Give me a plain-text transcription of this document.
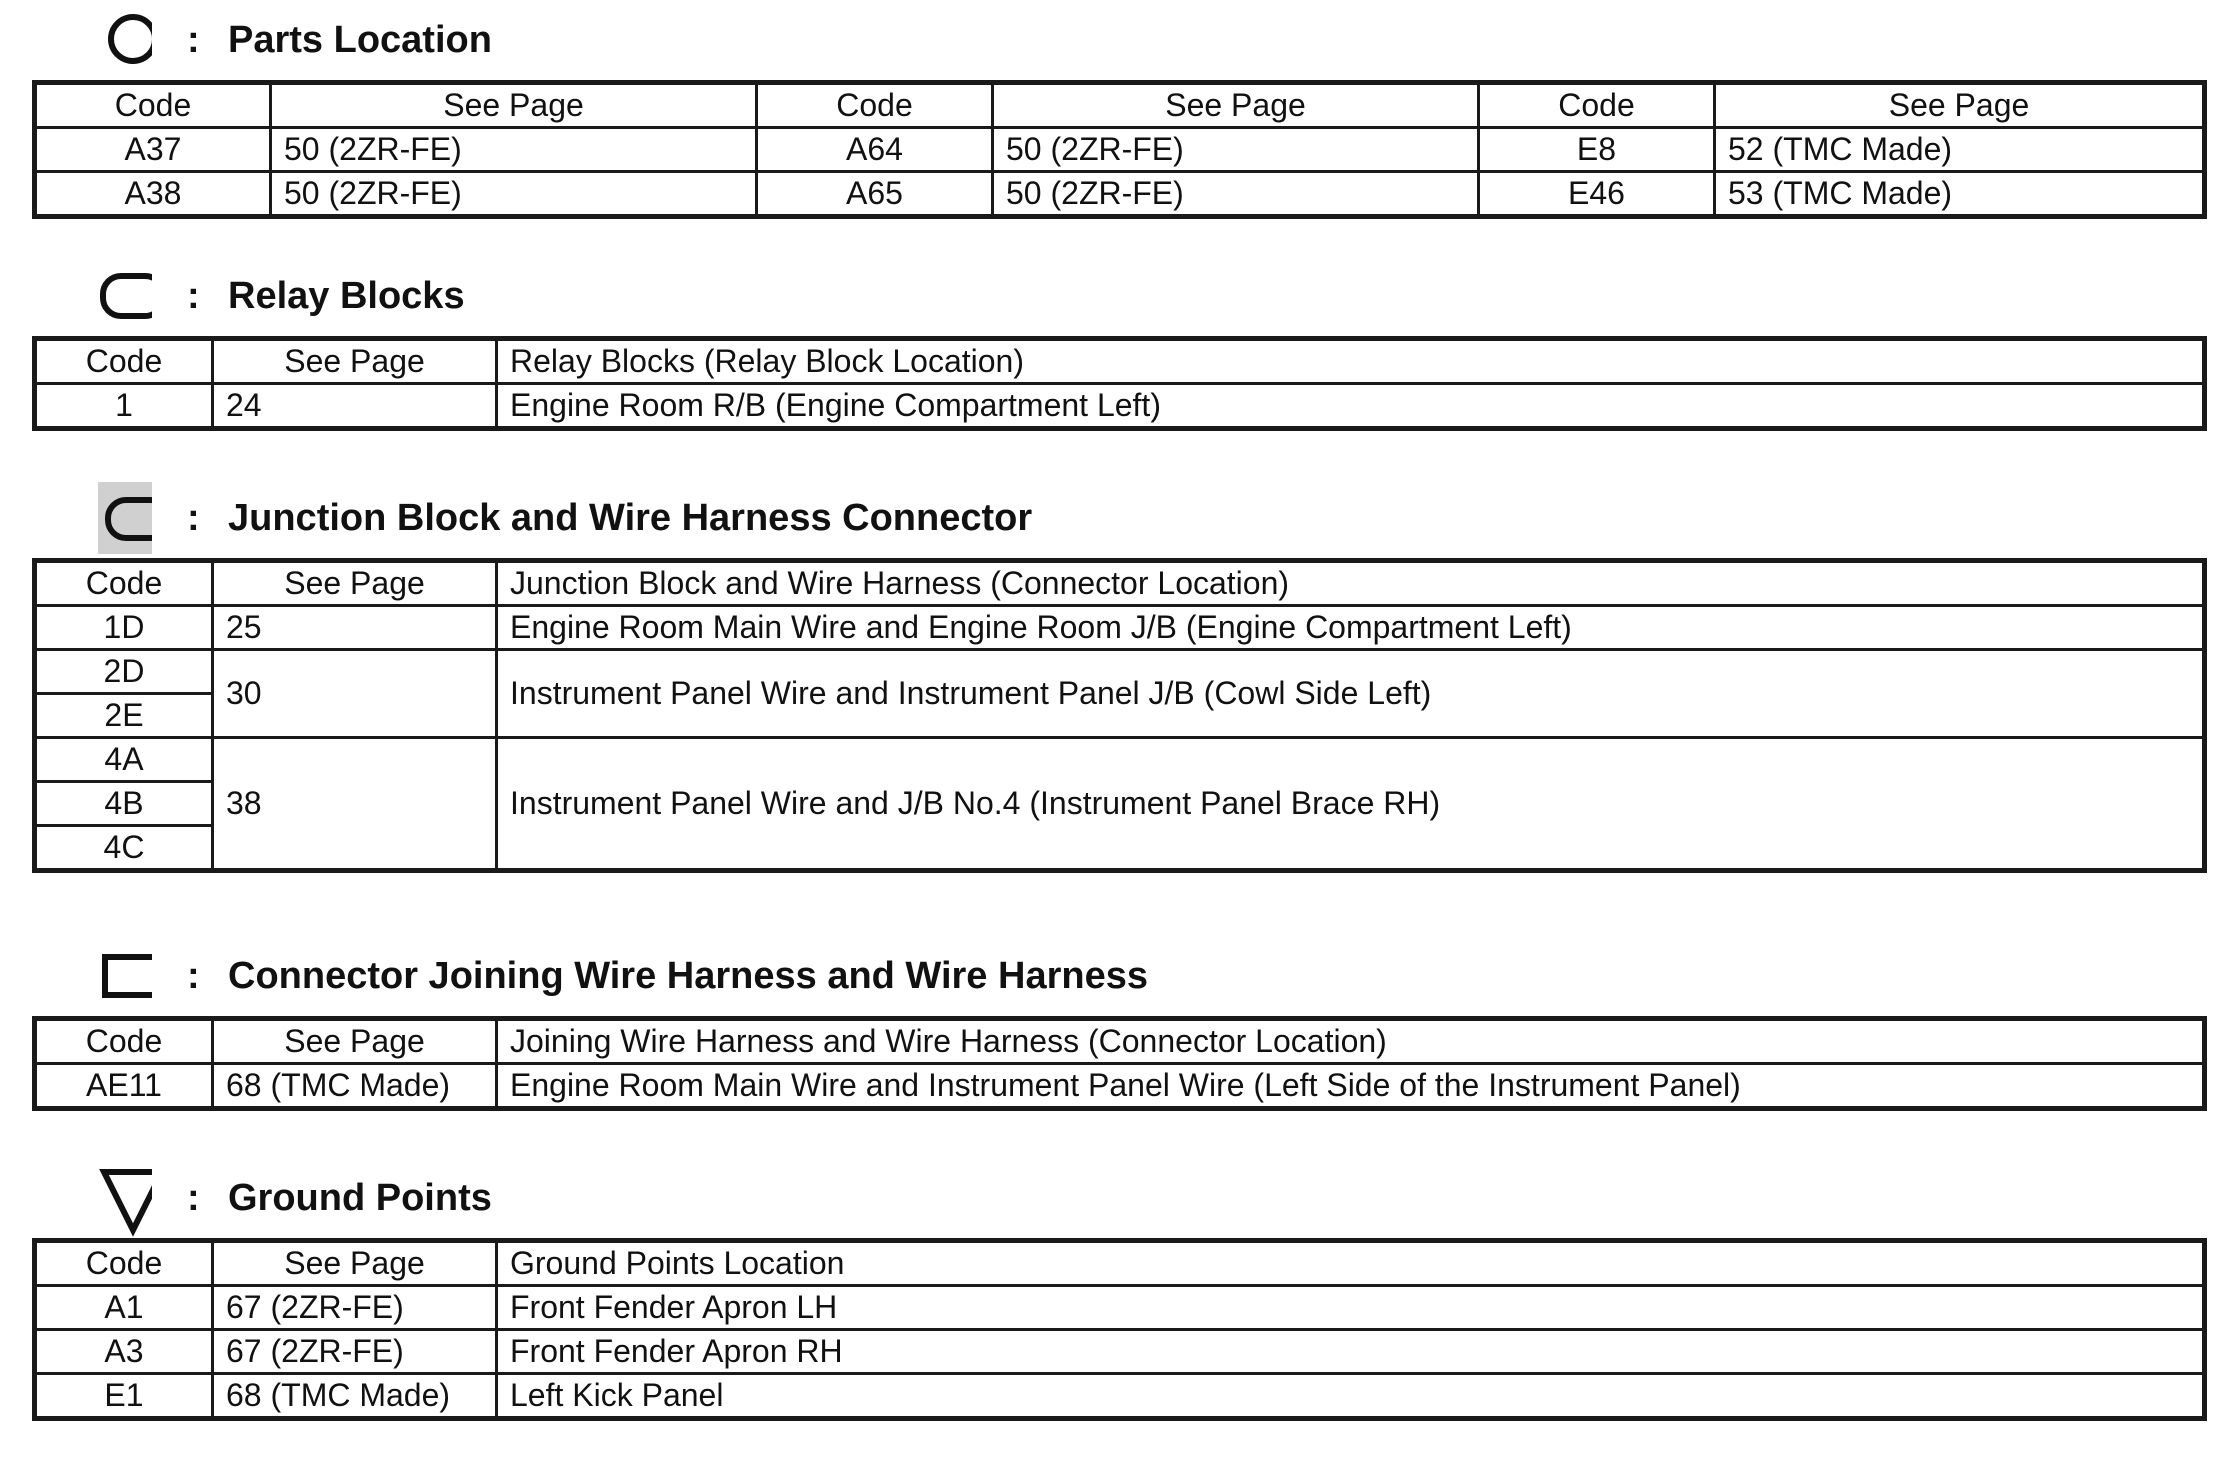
: Parts Location
Code	See Page	Code	See Page	Code	See Page
A37	50 (2ZR-FE)	A64	50 (2ZR-FE)	E8	52 (TMC Made)
A38	50 (2ZR-FE)	A65	50 (2ZR-FE)	E46	53 (TMC Made)
: Relay Blocks
Code	See Page	Relay Blocks (Relay Block Location)
1	24	Engine Room R/B (Engine Compartment Left)
: Junction Block and Wire Harness Connector
Code	See Page	Junction Block and Wire Harness (Connector Location)
1D	25	Engine Room Main Wire and Engine Room J/B (Engine Compartment Left)
2D	30	Instrument Panel Wire and Instrument Panel J/B (Cowl Side Left)
2E		
4A	38	Instrument Panel Wire and J/B No.4 (Instrument Panel Brace RH)
4B		
4C		
: Connector Joining Wire Harness and Wire Harness
Code	See Page	Joining Wire Harness and Wire Harness (Connector Location)
AE11	68 (TMC Made)	Engine Room Main Wire and Instrument Panel Wire (Left Side of the Instrument Panel)
: Ground Points
Code	See Page	Ground Points Location
A1	67 (2ZR-FE)	Front Fender Apron LH
A3	67 (2ZR-FE)	Front Fender Apron RH
E1	68 (TMC Made)	Left Kick Panel
